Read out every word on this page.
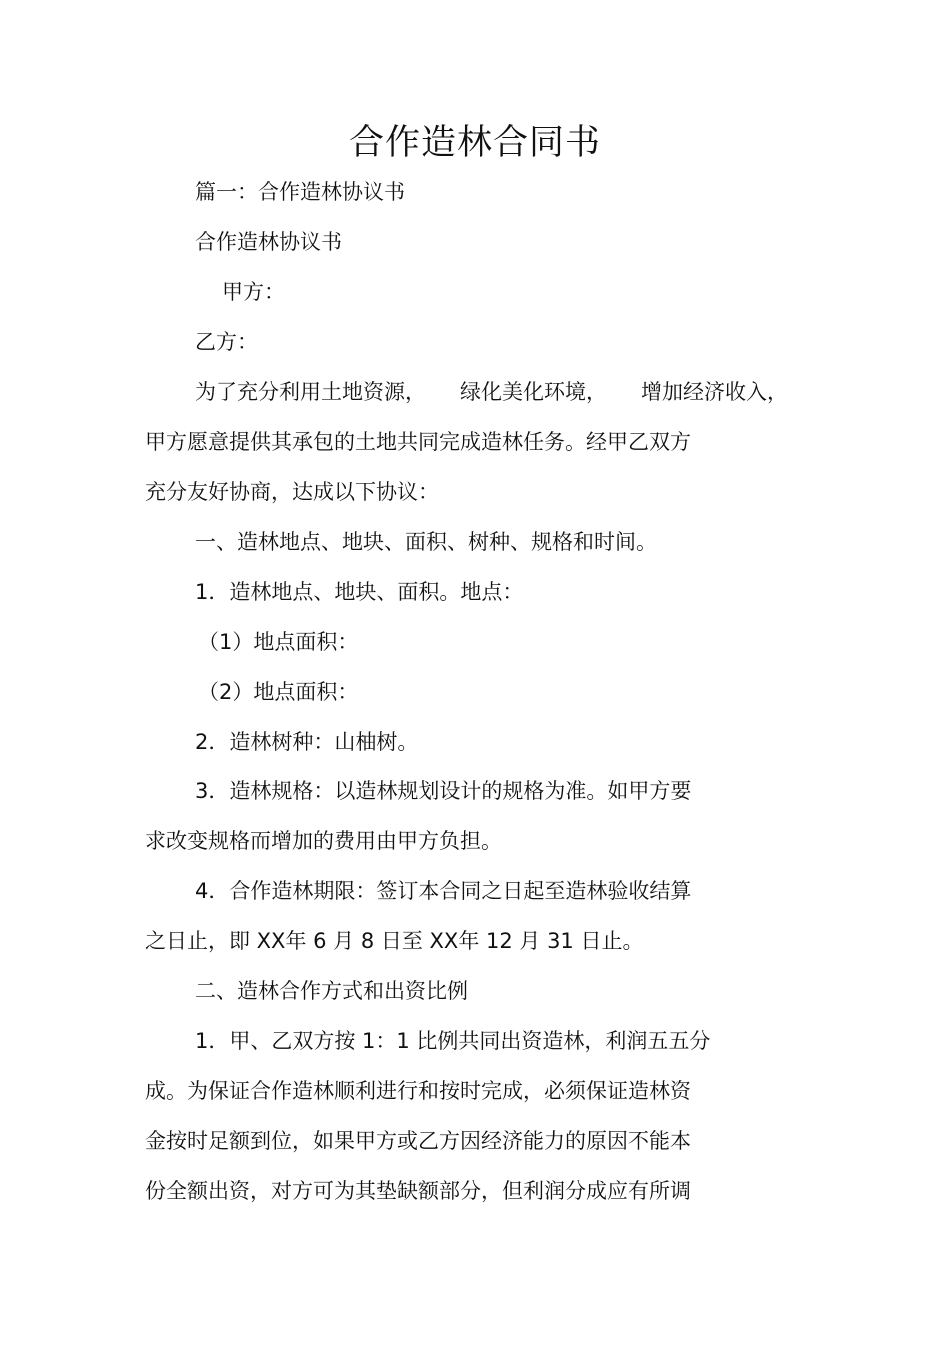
合作造林合同书
篇一：合作造林协议书
合作造林协议书
甲方：
乙方：
为了充分利用土地资源， 绿化美化环境， 增加经济收入，
甲方愿意提供其承包的土地共同完成造林任务。经甲乙双方
充分友好协商，达成以下协议：
一、造林地点、地块、面积、树种、规格和时间。
1．造林地点、地块、面积。地点：
（1）地点面积：
（2）地点面积：
2．造林树种：山柚树。
3．造林规格：以造林规划设计的规格为准。如甲方要
求改变规格而增加的费用由甲方负担。
4．合作造林期限：签订本合同之日起至造林验收结算
之日止，即 XX年 6 月 8 日至 XX年 12 月 31 日止。
二、造林合作方式和出资比例
1．甲、乙双方按 1：1 比例共同出资造林，利润五五分
成。为保证合作造林顺利进行和按时完成，必须保证造林资
金按时足额到位，如果甲方或乙方因经济能力的原因不能本
份全额出资，对方可为其垫缺额部分，但利润分成应有所调
